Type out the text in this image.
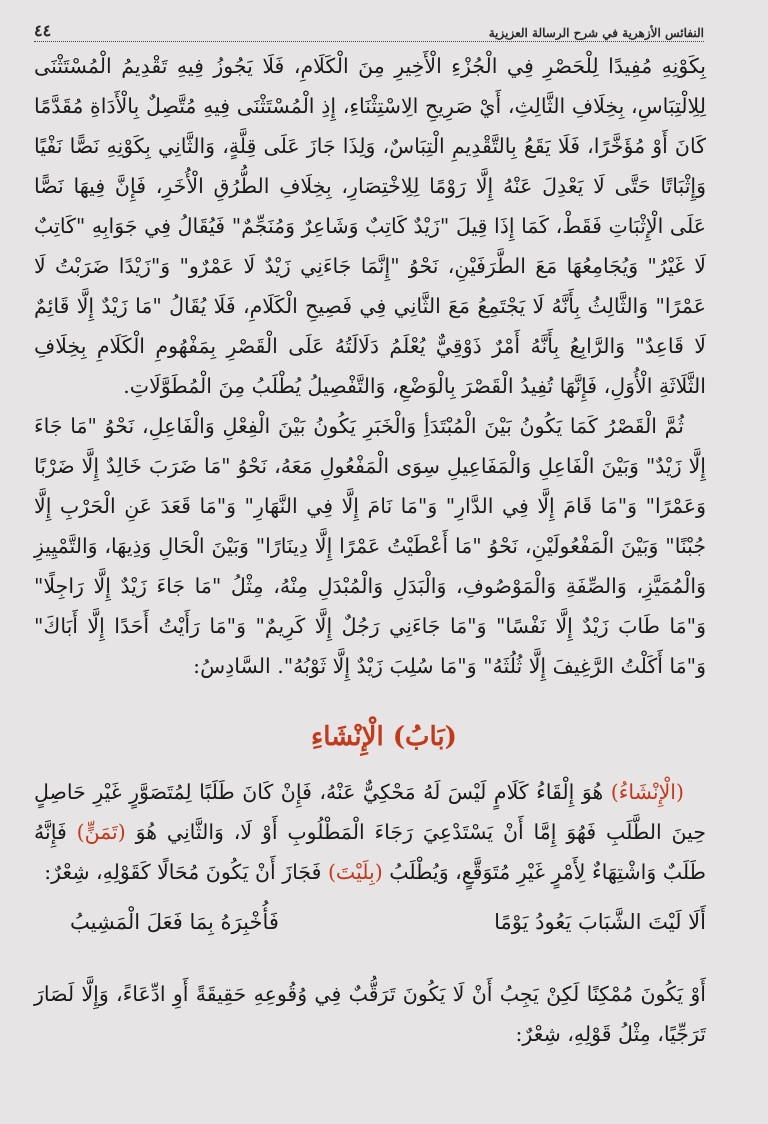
النفائس الأزهرية في شرح الرسالة العزيزية
٤٤

بِكَوْنِهِ مُفِيدًا لِلْحَصْرِ فِي الْجُزْءِ الْأَخِيرِ مِنَ الْكَلَامِ، فَلَا يَجُوزُ فِيهِ تَقْدِيمُ الْمُسْتَثْنَى لِلِالْتِبَاسِ، بِخِلَافِ الثَّالِثِ، أَيْ صَرِيحِ الِاسْتِثْنَاءِ، إِذِ الْمُسْتَثْنَى فِيهِ مُتَّصِلٌ بِالْأَدَاةِ مُقَدَّمًا كَانَ أَوْ مُؤَخَّرًا، فَلَا يَقَعُ بِالتَّقْدِيمِ الْتِبَاسٌ، وَلِذَا جَازَ عَلَى قِلَّةٍ، وَالثَّانِي بِكَوْنِهِ نَصًّا نَفْيًا وَإِثْبَاتًا حَتَّى لَا يَعْدِلَ عَنْهُ إِلَّا رَوْمًا لِلِاخْتِصَارِ، بِخِلَافِ الطُّرُقِ الْأُخَرِ، فَإِنَّ فِيهَا نَصًّا عَلَى الْإِثْبَاتِ فَقَطْ، كَمَا إِذَا قِيلَ "زَيْدٌ كَاتِبٌ وَشَاعِرٌ وَمُنَجِّمٌ" فَيُقَالُ فِي جَوَابِهِ "كَاتِبٌ لَا غَيْرُ" وَيُجَامِعُهَا مَعَ الطَّرَفَيْنِ، نَحْوُ "إِنَّمَا جَاءَنِي زَيْدٌ لَا عَمْرٌو" وَ"زَيْدًا ضَرَبْتُ لَا عَمْرًا" وَالثَّالِثُ بِأَنَّهُ لَا يَجْتَمِعُ مَعَ الثَّانِي فِي فَصِيحِ الْكَلَامِ، فَلَا يُقَالُ "مَا زَيْدٌ إِلَّا قَائِمٌ لَا قَاعِدٌ" وَالرَّابِعُ بِأَنَّهُ أَمْرٌ ذَوْقِيٌّ يُعْلَمُ دَلَالَتُهُ عَلَى الْقَصْرِ بِمَفْهُومِ الْكَلَامِ بِخِلَافِ الثَّلَاثَةِ الْأُوَلِ، فَإِنَّهَا تُفِيدُ الْقَصْرَ بِالْوَضْعِ، وَالتَّفْصِيلُ يُطْلَبُ مِنَ الْمُطَوَّلَاتِ.

ثُمَّ الْقَصْرُ كَمَا يَكُونُ بَيْنَ الْمُبْتَدَأِ وَالْخَبَرِ يَكُونُ بَيْنَ الْفِعْلِ وَالْفَاعِلِ، نَحْوُ "مَا جَاءَ إِلَّا زَيْدٌ" وَبَيْنَ الْفَاعِلِ وَالْمَفَاعِيلِ سِوَى الْمَفْعُولِ مَعَهُ، نَحْوُ "مَا ضَرَبَ خَالِدٌ إِلَّا ضَرْبًا وَعَمْرًا" وَ"مَا قَامَ إِلَّا فِي الدَّارِ" وَ"مَا نَامَ إِلَّا فِي النَّهَارِ" وَ"مَا قَعَدَ عَنِ الْحَرْبِ إِلَّا جُبْنًا" وَبَيْنَ الْمَفْعُولَيْنِ، نَحْوُ "مَا أَعْطَيْتُ عَمْرًا إِلَّا دِينَارًا" وَبَيْنَ الْحَالِ وَذِيهَا، وَالتَّمْيِيزِ وَالْمُمَيَّزِ، وَالصِّفَةِ وَالْمَوْصُوفِ، وَالْبَدَلِ وَالْمُبْدَلِ مِنْهُ، مِثْلُ "مَا جَاءَ زَيْدٌ إِلَّا رَاجِلًا" وَ"مَا طَابَ زَيْدٌ إِلَّا نَفْسًا" وَ"مَا جَاءَنِي رَجُلٌ إِلَّا كَرِيمٌ" وَ"مَا رَأَيْتُ أَحَدًا إِلَّا أَبَاكَ" وَ"مَا أَكَلْتُ الرَّغِيفَ إِلَّا ثُلُثَهُ" وَ"مَا سُلِبَ زَيْدٌ إِلَّا ثَوْبُهُ". السَّادِسُ:

(بَابُ) الْإِنْشَاءِ

(الْإِنْشَاءُ) هُوَ إِلْقَاءُ كَلَامٍ لَيْسَ لَهُ مَحْكِيٌّ عَنْهُ، فَإِنْ كَانَ طَلَبًا لِمُتَصَوَّرٍ غَيْرِ حَاصِلٍ حِينَ الطَّلَبِ فَهُوَ إِمَّا أَنْ يَسْتَدْعِيَ رَجَاءَ الْمَطْلُوبِ أَوْ لَا، وَالثَّانِي هُوَ (تَمَنٍّ) فَإِنَّهُ طَلَبٌ وَاشْتِهَاءٌ لِأَمْرٍ غَيْرِ مُتَوَقَّعٍ، وَيُطْلَبُ (بِلَيْتَ) فَجَازَ أَنْ يَكُونَ مُحَالًا كَقَوْلِهِ، شِعْرٌ:

أَلَا لَيْتَ الشَّبَابَ يَعُودُ يَوْمًا
فَأُخْبِرَهُ بِمَا فَعَلَ الْمَشِيبُ

أَوْ يَكُونَ مُمْكِنًا لَكِنْ يَجِبُ أَنْ لَا يَكُونَ تَرَقُّبٌ فِي وُقُوعِهِ حَقِيقَةً أَوِ ادِّعَاءً، وَإِلَّا لَصَارَ تَرَجِّيًا، مِثْلُ قَوْلِهِ، شِعْرٌ:
